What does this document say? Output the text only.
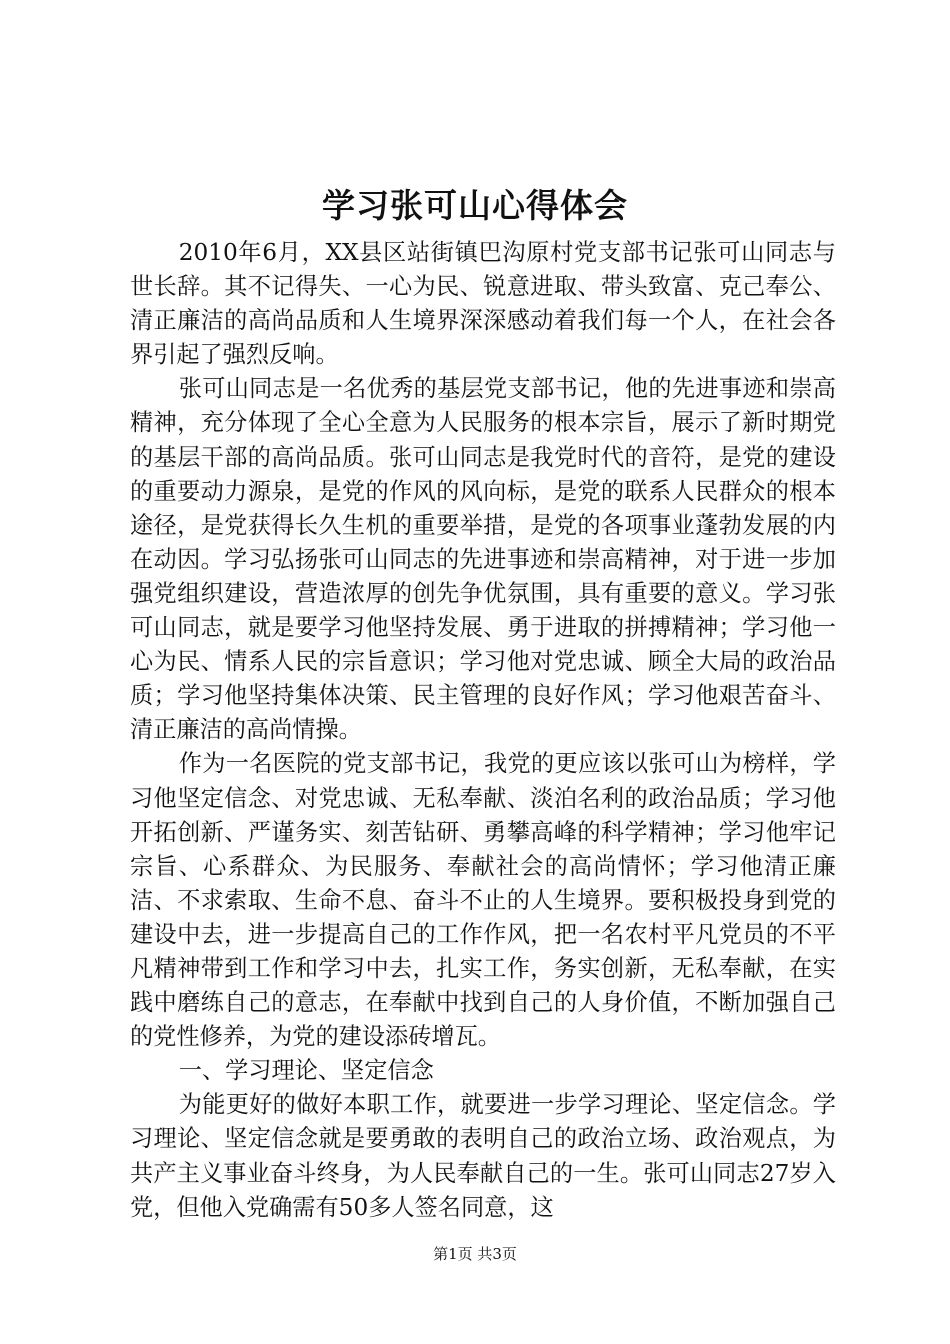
学习张可山心得体会

2010年6月，XX县区站街镇巴沟原村党支部书记张可山同志与世长辞。其不记得失、一心为民、锐意进取、带头致富、克己奉公、清正廉洁的高尚品质和人生境界深深感动着我们每一个人，在社会各界引起了强烈反响。

张可山同志是一名优秀的基层党支部书记，他的先进事迹和崇高精神，充分体现了全心全意为人民服务的根本宗旨，展示了新时期党的基层干部的高尚品质。张可山同志是我党时代的音符，是党的建设的重要动力源泉，是党的作风的风向标，是党的联系人民群众的根本途径，是党获得长久生机的重要举措，是党的各项事业蓬勃发展的内在动因。学习弘扬张可山同志的先进事迹和崇高精神，对于进一步加强党组织建设，营造浓厚的创先争优氛围，具有重要的意义。学习张可山同志，就是要学习他坚持发展、勇于进取的拼搏精神；学习他一心为民、情系人民的宗旨意识；学习他对党忠诚、顾全大局的政治品质；学习他坚持集体决策、民主管理的良好作风；学习他艰苦奋斗、清正廉洁的高尚情操。

作为一名医院的党支部书记，我党的更应该以张可山为榜样，学习他坚定信念、对党忠诚、无私奉献、淡泊名利的政治品质；学习他开拓创新、严谨务实、刻苦钻研、勇攀高峰的科学精神；学习他牢记宗旨、心系群众、为民服务、奉献社会的高尚情怀；学习他清正廉洁、不求索取、生命不息、奋斗不止的人生境界。要积极投身到党的建设中去，进一步提高自己的工作作风，把一名农村平凡党员的不平凡精神带到工作和学习中去，扎实工作，务实创新，无私奉献，在实践中磨练自己的意志，在奉献中找到自己的人身价值，不断加强自己的党性修养，为党的建设添砖增瓦。

一、学习理论、坚定信念

为能更好的做好本职工作，就要进一步学习理论、坚定信念。学习理论、坚定信念就是要勇敢的表明自己的政治立场、政治观点，为共产主义事业奋斗终身，为人民奉献自己的一生。张可山同志27岁入党，但他入党确需有50多人签名同意，这

第1页 共3页
